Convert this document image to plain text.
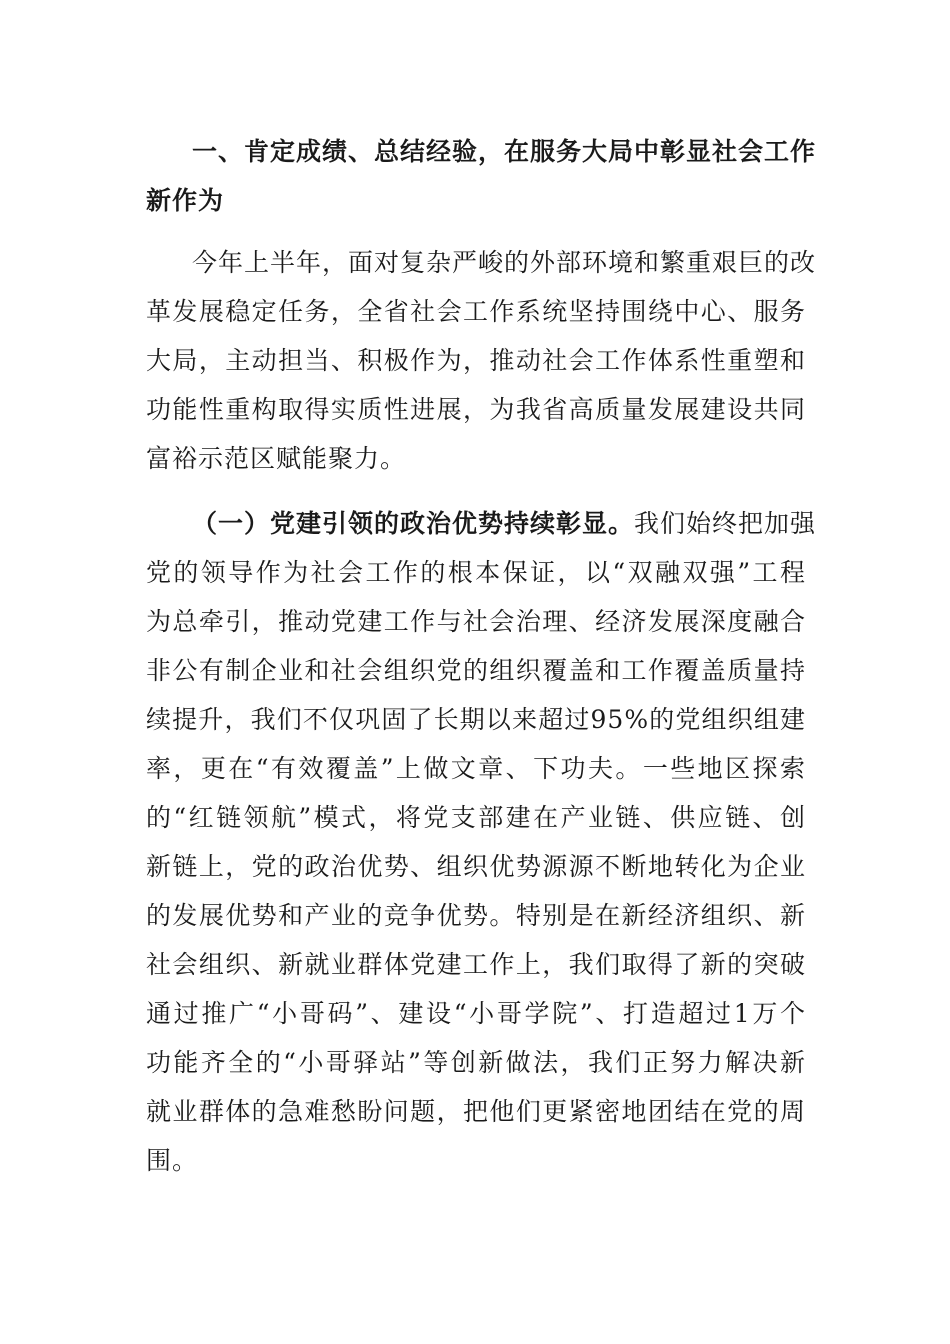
一、肯定成绩、总结经验，在服务大局中彰显社会工作
新作为
今年上半年，面对复杂严峻的外部环境和繁重艰巨的改
革发展稳定任务，全省社会工作系统坚持围绕中心、服务
大局，主动担当、积极作为，推动社会工作体系性重塑和
功能性重构取得实质性进展，为我省高质量发展建设共同
富裕示范区赋能聚力。
（一）党建引领的政治优势持续彰显。我们始终把加强
党的领导作为社会工作的根本保证，以“双融双强”工程
为总牵引，推动党建工作与社会治理、经济发展深度融合
非公有制企业和社会组织党的组织覆盖和工作覆盖质量持
续提升，我们不仅巩固了长期以来超过95%的党组织组建
率，更在“有效覆盖”上做文章、下功夫。一些地区探索
的“红链领航”模式，将党支部建在产业链、供应链、创
新链上，党的政治优势、组织优势源源不断地转化为企业
的发展优势和产业的竞争优势。特别是在新经济组织、新
社会组织、新就业群体党建工作上，我们取得了新的突破
通过推广“小哥码”、建设“小哥学院”、打造超过1万个
功能齐全的“小哥驿站”等创新做法，我们正努力解决新
就业群体的急难愁盼问题，把他们更紧密地团结在党的周
围。
